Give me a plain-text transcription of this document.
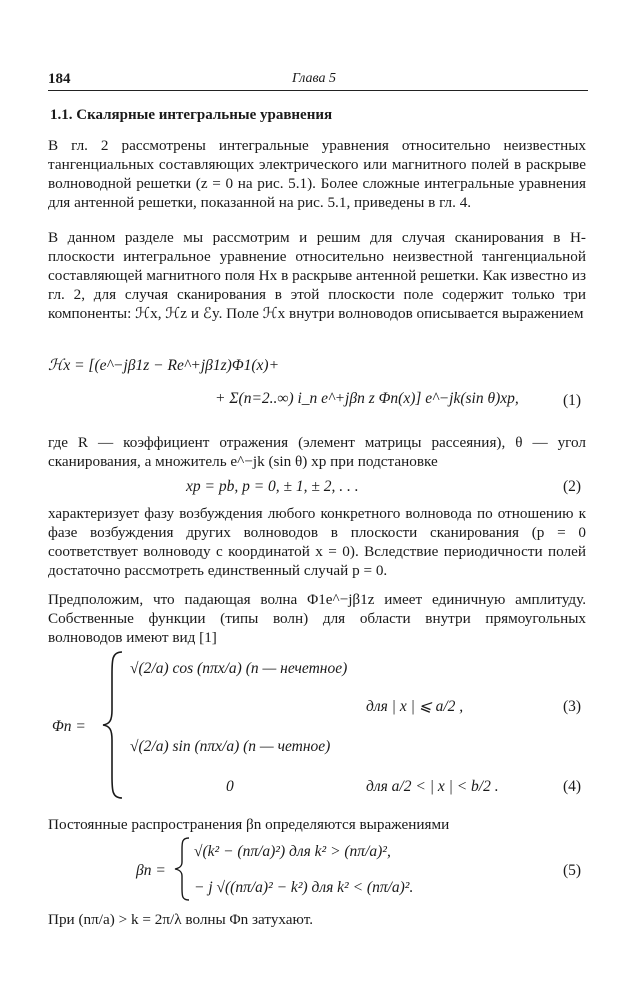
184	Глава 5
1.1. Скалярные интегральные уравнения

В гл. 2 рассмотрены интегральные уравнения относительно неизвестных тангенциальных составляющих электрического или магнитного полей в раскрыве волноводной решетки (z = 0 на рис. 5.1). Более сложные интегральные уравнения для антенной решетки, показанной на рис. 5.1, приведены в гл. 4.

В данном разделе мы рассмотрим и решим для случая сканирования в H-плоскости интегральное уравнение относительно неизвестной тангенциальной составляющей магнитного поля Hx в раскрыве антенной решетки. Как известно из гл. 2, для случая сканирования в этой плоскости поле содержит только три компоненты: ℋx, ℋz и ℰy. Поле ℋx внутри волноводов описывается выражением

ℋx = [(e^−jβ1z − Re^+jβ1z)Φ1(x)+
+ Σ(n=2..∞) i_n e^+jβn z Φn(x)] e^−jk(sin θ)xp,	(1)

где R — коэффициент отражения (элемент матрицы рассеяния), θ — угол сканирования, а множитель e^−jk (sin θ) xp при подстановке

xp = pb, p = 0, ± 1, ± 2, . . .	(2)

характеризует фазу возбуждения любого конкретного волновода по отношению к фазе возбуждения других волноводов в плоскости сканирования (p = 0 соответствует волноводу с координатой x = 0). Вследствие периодичности полей достаточно рассмотреть единственный случай p = 0.

Предположим, что падающая волна Φ1e^−jβ1z имеет единичную амплитуду. Собственные функции (типы волн) для области внутри прямоугольных волноводов имеют вид [1]

Φn =
√(2/a) cos (nπx/a) (n — нечетное)
для | x | ⩽ a/2 ,	(3)
√(2/a) sin (nπx/a) (n — четное)
0	для a/2 < | x | < b/2 .	(4)

Постоянные распространения βn определяются выражениями

βn =
√(k² − (nπ/a)²) для k² > (nπ/a)²,
− j √((nπ/a)² − k²) для k² < (nπ/a)².
(5)

При (nπ/a) > k = 2π/λ волны Φn затухают.
